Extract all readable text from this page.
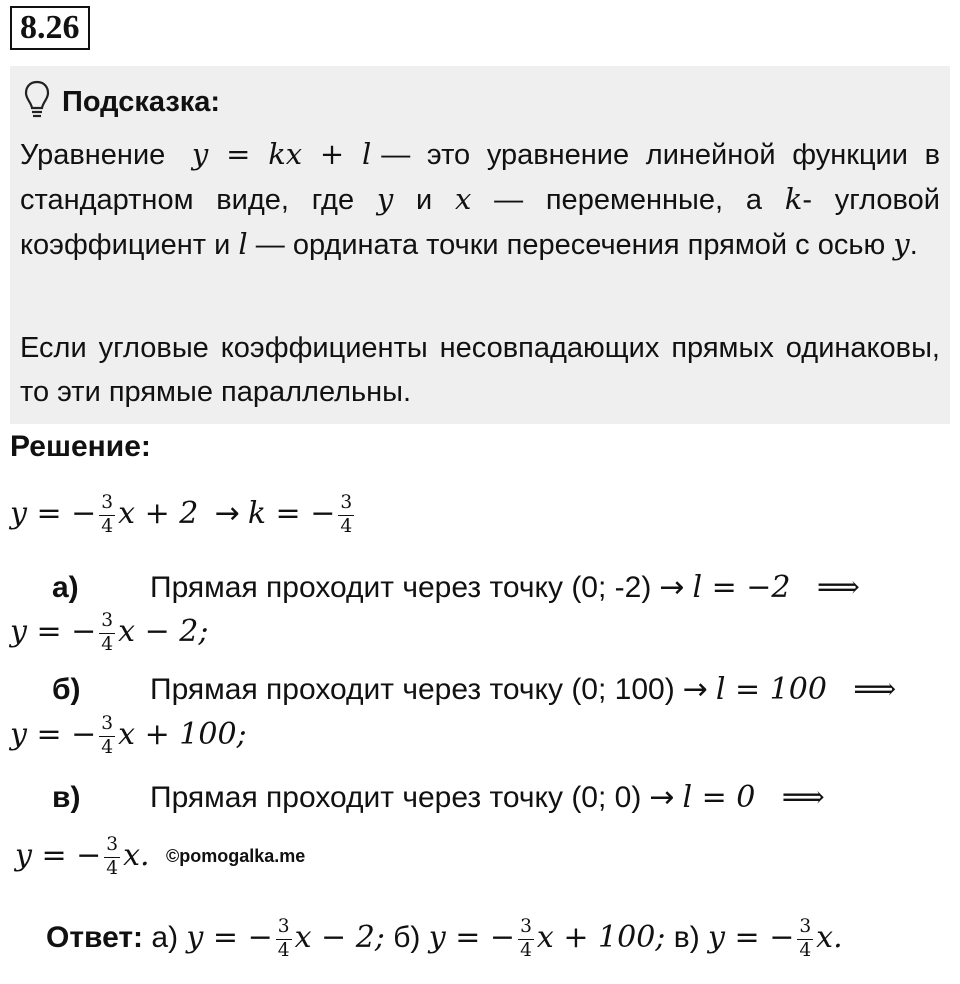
8.26
Подсказка:
Уравнение y = kx + l — это уравнение линейной функции в стандартном виде, где y и x — переменные, а k- угловой коэффициент и l — ордината точки пересечения прямой с осью y.
Если угловые коэффициенты несовпадающих прямых одинаковы, то эти прямые параллельны.
Решение:
y = − $\frac{3}{4}$ x + 2 → k = − $\frac{3}{4}$
а) Прямая проходит через точку (0; -2) → l = −2 ⟹
y = − $\frac{3}{4}$ x − 2;
б) Прямая проходит через точку (0; 100) → l = 100 ⟹
y = − $\frac{3}{4}$ x + 100;
в) Прямая проходит через точку (0; 0) → l = 0 ⟹
y = − $\frac{3}{4} x$. ©pomogalka.me
Ответ: а) y = − $\frac{3}{4}$ x − 2; б) y = − $\frac{3}{4}$ x + 100; в) y = − $\frac{3}{4} x$.
